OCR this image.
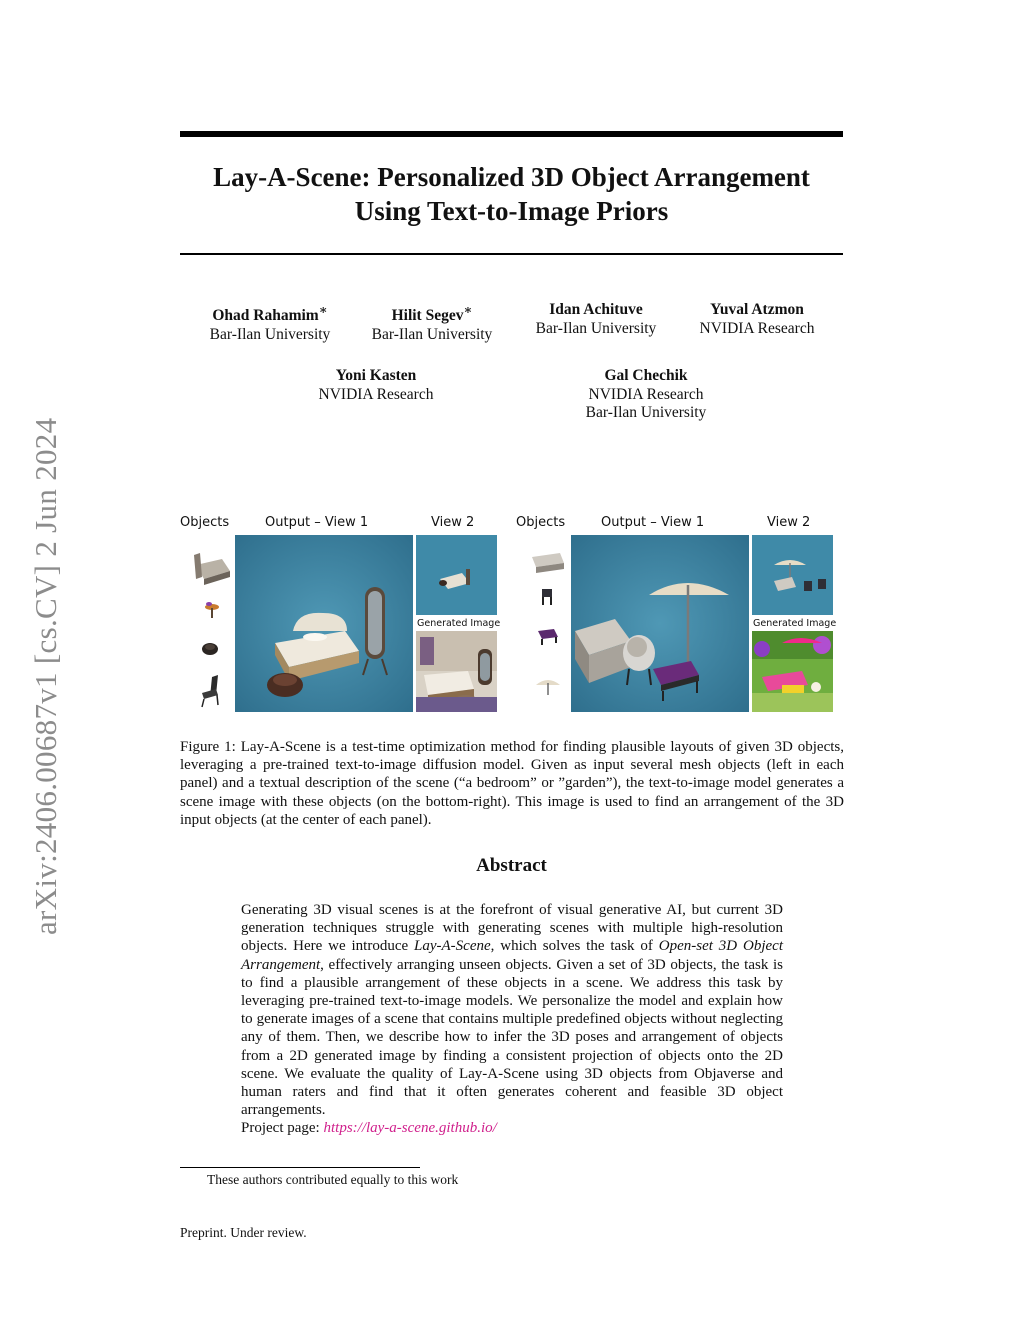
arXiv:2406.00687v1 [cs.CV] 2 Jun 2024
Lay-A-Scene: Personalized 3D Object Arrangement
Using Text-to-Image Priors
Ohad Rahamim∗
Bar-Ilan University
Hilit Segev∗
Bar-Ilan University
Idan Achituve
Bar-Ilan University
Yuval Atzmon
NVIDIA Research
Yoni Kasten
NVIDIA Research
Gal Chechik
NVIDIA Research
Bar-Ilan University
Objects	Output – View 1	View 2
Generated Image
Objects	Output – View 1	View 2
Generated Image
Figure 1: Lay-A-Scene is a test-time optimization method for finding plausible layouts of given 3D objects, leveraging a pre-trained text-to-image diffusion model. Given as input several mesh objects (left in each panel) and a textual description of the scene (“a bedroom” or ”garden”), the text-to-image model generates a scene image with these objects (on the bottom-right). This image is used to find an arrangement of the 3D input objects (at the center of each panel).
Abstract
Generating 3D visual scenes is at the forefront of visual generative AI, but current 3D generation techniques struggle with generating scenes with multiple high-resolution objects. Here we introduce Lay-A-Scene, which solves the task of Open-set 3D Object Arrangement, effectively arranging unseen objects. Given a set of 3D objects, the task is to find a plausible arrangement of these objects in a scene. We address this task by leveraging pre-trained text-to-image models. We personalize the model and explain how to generate images of a scene that contains multiple predefined objects without neglecting any of them. Then, we describe how to infer the 3D poses and arrangement of objects from a 2D generated image by finding a consistent projection of objects onto the 2D scene. We evaluate the quality of Lay-A-Scene using 3D objects from Objaverse and human raters and find that it often generates coherent and feasible 3D object arrangements.
Project page: https://lay-a-scene.github.io/
These authors contributed equally to this work
Preprint. Under review.
